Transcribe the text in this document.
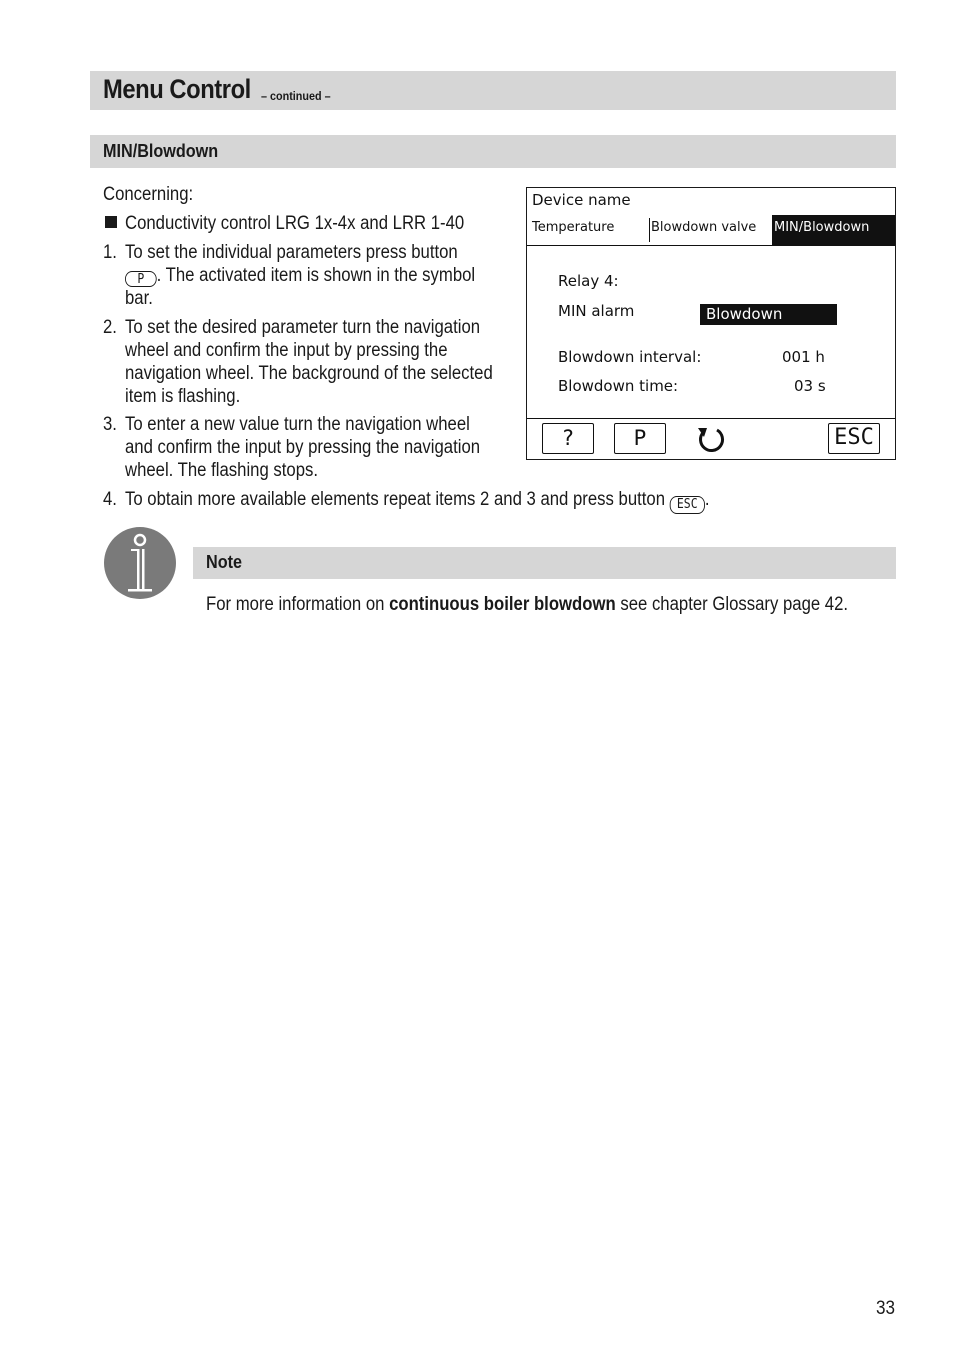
Menu Control – continued –
MIN/Blowdown
Concerning:
Conductivity control LRG 1x-4x and LRR 1-40
1. To set the individual parameters press button
P . The activated item is shown in the symbol
bar.
2. To set the desired parameter turn the navigation
wheel and confirm the input by pressing the
navigation wheel. The background of the selected
item is flashing.
3. To enter a new value turn the navigation wheel
and confirm the input by pressing the navigation
wheel. The flashing stops.
4. To obtain more available elements repeat items 2 and 3 and press button ESC .
Device name
Temperature	Blowdown valve MIN/Blowdown
Relay 4:
MIN alarm	Blowdown
Blowdown interval:	001 h
Blowdown time:	03 s
?	P	ESC
Note
For more information on continuous boiler blowdown see chapter Glossary page 42.
33
